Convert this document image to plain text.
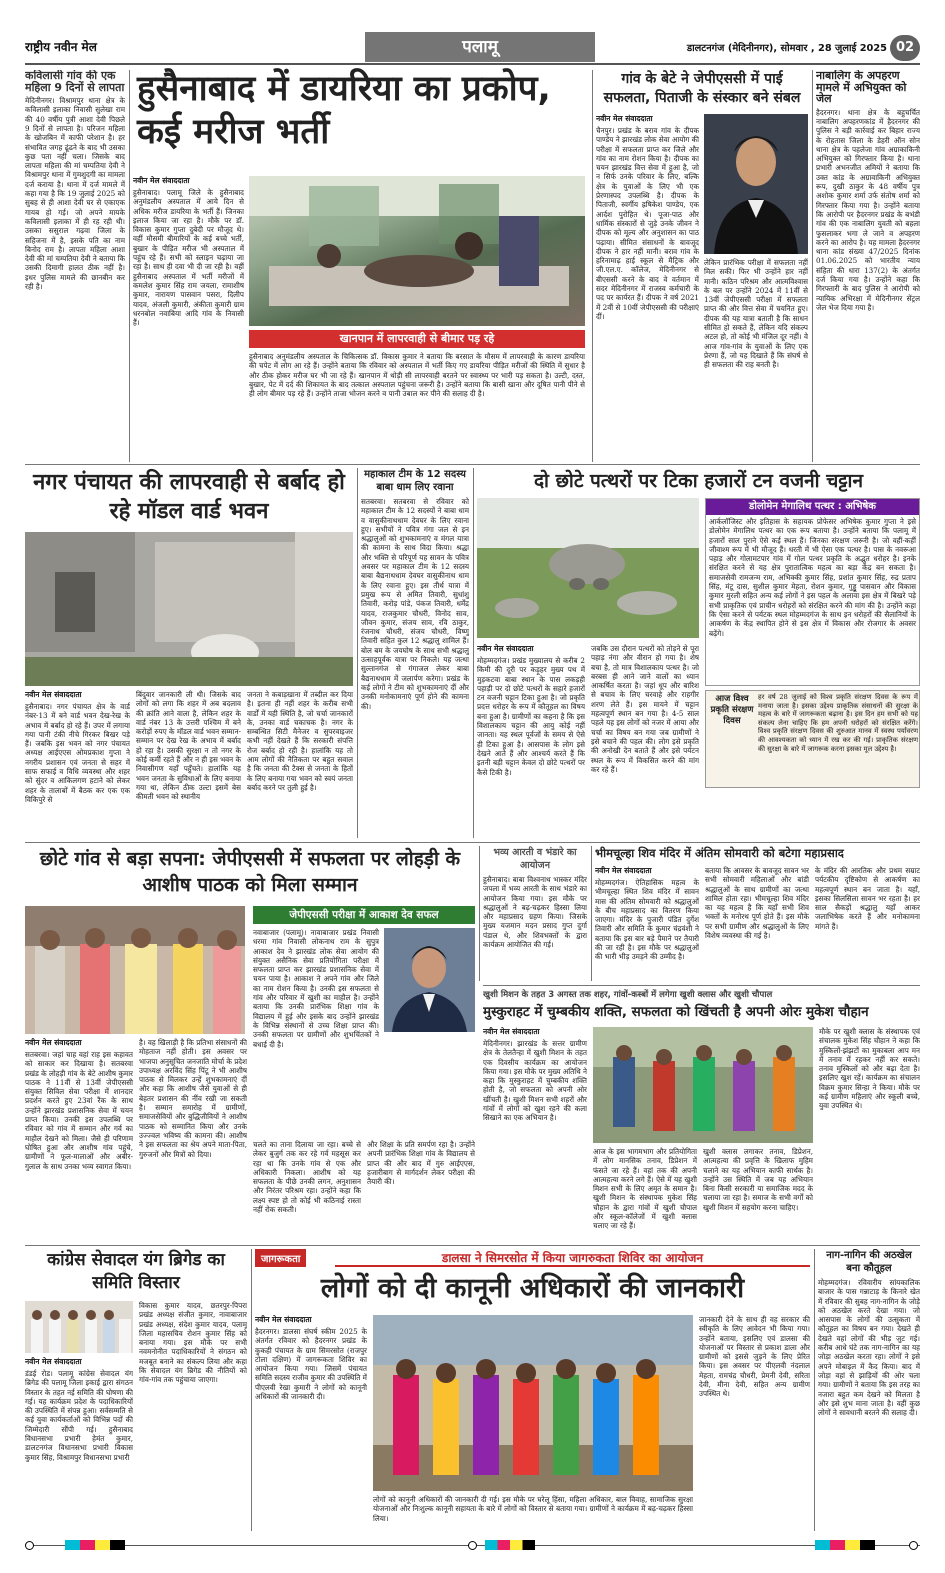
राष्ट्रीय नवीन मेल	पलामू	डालटनगंज (मेदिनीनगर), सोमवार , 28 जुलाई 2025 02
कविलासी गांव की एक महिला 9 दिनों से लापता
मेदिनीनगर। विश्रामपुर थाना क्षेत्र के कविलासी इलाका निवासी सुलेखा राम की 40 वर्षीय पुत्री आशा देवी पिछले 9 दिनों से लापता है। परिजन महिला के खोजबिन में काफी परेशान है। हर संभावित जगह ढूंढने के बाद भी उसका कुछ पता नहीं चला। जिसके बाद लापता महिला की मां चम्पतिया देवी ने विश्रामपुर थाना में गुमशुदगी का मामला दर्ज कराया है। थाना में दर्ज मामले में कहा गया है कि 19 जुलाई 2025 को सुबह से ही आशा देवी घर से एकाएक गायब हो गई। जो अपने मायके कविलासी इलाका में ही रह रही थी। उसका ससुराल गढ़वा जिला के सहिजना में है, इसके पति का नाम बिनोद राम है। लापता महिला आशा देवी की मां चम्पतिया देवी ने बताया कि उसकी दिमागी हालत ठीक नहीं है। इधर पुलिस मामले की छानबीन कर रही है।
हुसैनाबाद में डायरिया का प्रकोप, कई मरीज भर्ती
नवीन मेल संवाददाता
हुसैनाबाद। पलामू जिले के हुसैनाबाद अनुमंडलीय अस्पताल में आये दिन से अधिक मरीज डायरिया के भर्ती हैं। जिनका इलाज किया जा रहा है। मौके पर डॉ. विकास कुमार गुप्ता दुबेदी पर मौजूद थे। वहीं मौसमी बीमारियों के कई बच्चे भर्ती, बुखार के पीड़ित मरीज भी अस्पताल में पहुंच रहे हैं। सभी को स्लाइन चढ़ाया जा रहा है। साथ ही दवा भी दी जा रही है। वहीं हुसैनाबाद अस्पताल में भर्ती मरीजों में कमलेश कुमार सिंह राम जयला, रामाशीष कुमार, नारायण पासवान पसरा, दिलीप यादव, अंजली कुमारी, अंकीता कुमारी ग्राम धरनबोल नवाबिया आदि गांव के निवासी हैं।
खानपान में लापरवाही से बीमार पड़ रहे
हुसैनाबाद अनुमंडलीय अस्पताल के चिकित्सक डॉ. विकास कुमार ने बताया कि बरसात के मौसम में लापरवाही के कारण डायरिया की चपेट में लोग आ रहे हैं। उन्होंने बताया कि रविवार को अस्पताल में भर्ती किए गए डायरिया पीड़ित मरीजों की स्थिति में सुधार है और ठीक होकर मरीज घर भी जा रहे हैं। खानपान में थोड़ी सी लापरवाही बरतने पर स्वास्थ्य पर भारी पड़ सकता है। उल्टी, दस्त, बुखार, पेट में दर्द की शिकायत के बाद तत्काल अस्पताल पहुंचना जरूरी है। उन्होंने बताया कि बासी खाना और दूषित पानी पीने से ही लोग बीमार पड़ रहे हैं। उन्होंने ताजा भोजन करने व पानी उबाल कर पीने की सलाह दी है।
गांव के बेटे ने जेपीएससी में पाई सफलता, पिताजी के संस्कार बने संबल
नवीन मेल संवाददाता
चैनपुर। प्रखंड के बराव गांव के दीपक पाण्डेय ने झारखंड लोक सेवा आयोग की परीक्षा में सफलता प्राप्त कर जिले और गांव का नाम रोशन किया है। दीपक का चयन झारखंड वित्त सेवा में हुआ है, जो न सिर्फ उनके परिवार के लिए, बल्कि क्षेत्र के युवाओं के लिए भी एक प्रेरणास्पद उपलब्धि है। दीपक के पिताजी, स्वर्गीय ह्रषिकेश पाण्डेय, एक आर्दश पुरोहित थे। पूजा-पाठ और धार्मिक संस्कारों से जुड़े उनके जीवन ने दीपक को मूल्य और अनुशासन का पाठ पढ़ाया। सीमित संसाधनों के बावजूद दीपक ने हार नहीं मानी। बराव गांव के हरिनामाढ़ हाई स्कूल से मैट्रिक और जी.एल.ए. कॉलेज, मेदिनीनगर से बीएससी करने के बाद वे वर्तमान में सदर मेदिनीनगर में राजस्व कर्मचारी के पद पर कार्यरत हैं। दीपक ने वर्ष 2021 में 2वीं से 10वीं जेपीएससी की परीक्षाएं दीं।
लेकिन प्रारंभिक परीक्षा में सफलता नहीं मिल सकी। फिर भी उन्होंने हार नहीं मानी। कठिन परिश्रम और आत्मविश्वास के बल पर उन्होंने 2024 में 11वीं से 13वीं जेपीएससी परीक्षा में सफलता प्राप्त की और वित्त सेवा में चयनित हुए। दीपक की यह यात्रा बताती है कि साधन सीमित हो सकते हैं, लेकिन यदि संकल्प अटल हो, तो कोई भी मंजिल दूर नहीं। वे आज गांव-गांव के युवाओं के लिए एक प्रेरणा हैं, जो यह दिखाते हैं कि संघर्ष से ही सफलता की राह बनती है।
नाबालिग के अपहरण मामले में अभियुक्त को जेल
हैदरनगर। थाना क्षेत्र के बहुचर्चित नाबालिग अपहरणकांड में हैदरनगर की पुलिस ने बड़ी कार्रवाई कर बिहार राज्य के रोहतास जिला के डेहरी ऑन सोन थाना क्षेत्र के पहलेजा गांव अग्राकाकिनी अभियुक्त को गिरफ्तार किया है। थाना प्रभारी अभनजीत अमियों ने बताया कि उक्त कांड के अग्रावाकिनी अभियुक्त रूप, दुखी ठाकुर के 48 वर्षीय पुत्र अशोक कुमार शर्मा उर्फ संतोष शर्मा को गिरफ्तार किया गया है। उन्होंने बताया कि आरोपी पर हैदरनगर प्रखंड के बभंडी गांव की एक नाबालिग युवती को बहला फुसलाकर भगा ले जाने व अपहरण करने का आरोप है। यह मामला हैदरनगर थाना कांड संख्या 47/2025 दिनांक 01.06.2025 को भारतीय न्याय संहिता की धारा 137(2) के अंतर्गत दर्ज किया गया है। उन्होंने कहा कि गिरफ्तारी के बाद पुलिस ने आरोपी को न्यायिक अभिरक्षा में मेदिनीनगर सेंट्रल जेल भेज दिया गया है।
नगर पंचायत की लापरवाही से बर्बाद हो रहे मॉडल वार्ड भवन
नवीन मेल संवाददाता
हुसैनाबाद। नगर पंचायत क्षेत्र के वार्ड नंबर-13 में बने वार्ड भवन देख-रेख के अभाव में बर्बाद हो रहे हैं। उपर में लगाया गया पानी टंकी नीचे गिरकर बिखर पड़े हैं। जबकि इस भवन को नगर पंचायत अध्यक्ष आईएएस ओमप्रकाश गुप्ता ने नगरीय प्रशासन एवं जनता से सहर में साफ सफाई व विधि व्यवस्था और शहर को सुंदर व आकिलगण हटाने को लेकर शहर के तालाबों में बैठक कर एक एक विकिपुरे से
बिंदुवार जानकारी ली थी। जिसके बाद लोगों को लगा कि शहर में अब बदलाव की क्रांति आने वाला है, लेकिन शहर के वार्ड नंबर 13 के उत्तरी पश्चिम में बने करोड़ों रुपए के मॉडल वार्ड भवन सम्मान-सम्मान पर देख रेख के अभाव में बर्बाद हो रहा है। उसकी सुरक्षा न तो नगर के कोई कर्मी रहते हैं और न ही इस भवन के निवासीगण यहाँ पहुँचते। हालांकि यह भवन जनता के सुविधाओं के लिए बनाया गया था, लेकिन ठीक उल्टा इसमें बेस कीमती भवन को स्थानीय
जनता ने कबाड़खाना में तब्दील कर दिया है। इतना ही नहीं शहर के करीब सभी वार्डों में यही स्थिति है, जो चर्चा जानकारों के, उनका वार्ड चकाचक है। नगर के सम्बन्धित सिटी मैनेजर व सुपरवाइजर कभी नहीं देखते हैं कि सरकारी संपत्ति रोज बर्बाद हो रही है। हालांकि यह तो आम लोगों की नैतिकता पर बहुत सवाल है कि जनता की टैक्स से जनता के हितों के लिए बनाया गया भवन को स्वयं जनता बर्बाद करने पर तुली हुई है।
महाकाल टीम के 12 सदस्य बाबा धाम लिए रवाना
सतबरवा। सतबरवा से रविवार को महाकाल टीम के 12 सदस्यों ने बाबा धाम व वासुकीनाथधाम देवघर के लिए रवाना हुए। सभीयों ने पवित्र गंगा जल से इन श्रद्धालुओं को शुभकामनाएं व मंगल यात्रा की कामना के साथ विदा किया। श्रद्धा और भक्ति से परिपूर्ण यह सावन के पवित्र अवसर पर महाकाल टीम के 12 सदस्य बाबा बैद्यनाथधाम देवघर वासुकीनाथ धाम के लिए रवाना हुए। इस तीर्थ यात्रा में प्रमुख रूप से अमित तिवारी, सुधांशु तिवारी, करोड़ पांडे, पंकज तिवारी, धर्मेंद्र यादव, राजकुमार चौधरी, विनोद साव, जीवन कुमार, संजय साव, रवि ठाकुर, रंजनाथ चौधरी, संजय चौधरी, विष्णु तिवारी सहित कुल 12 श्रद्धालु शामिल हैं। बोल बम के जयघोष के साथ सभी श्रद्धालु उत्साहपूर्वक यात्रा पर निकले। यह जत्था सुल्तानगंज से गंगाजल लेकर बाबा बैद्यनाथधाम में जलार्पण करेगा। प्रखंड के कई लोगों ने टीम को शुभकामनाएं दीं और उनकी मनोकामनाएं पूर्ण होने की कामना की।
दो छोटे पत्थरों पर टिका हजारों टन वजनी चट्टान
डोलोमेन मेगालिथ पत्थर : अभिषेक
आर्कलॉजिस्ट और इतिहास के सहायक प्रोफेसर अभिषेक कुमार गुप्ता ने इसे डोलोमेन मेगालिथ पत्थर का एक रूप बताया है। उन्होंने बताया कि पलामू में हजारों साल पुराने ऐसे कई स्थल हैं। जिनका संरक्षण जरूरी है। जो वहीं-कहीं जीवाश्म रूप में भी मौजूद हैं। धरती में भी ऐसा एक पत्थर है। पास के नवरूआ पहाड़ और गोलामटपार गांव में गोल पत्थर प्रकृति के अद्भुत धरोहर है। इनके संरक्षित करने से यह क्षेत्र पुरातात्विक महत्व का बड़ा केंद्र बन सकता है। समाजसेवी रामजन्म राम, अभिक्की कुमार सिंह, प्रशांत कुमार सिंह, रुद्र प्रताप सिंह, मंटू दास, सुशील कुमार मेहता, रोशन कुमार, गुड्डू पासवान और विकास कुमार मुरली सहित अन्य कई लोगों ने इस पहल के अलावा इस क्षेत्र में बिखरे पड़े सभी प्राकृतिक एवं प्राचीन धरोहरों को संरक्षित करने की मांग की है। उन्होंने कहा कि ऐसा करने से पर्यटक स्थल मोहम्मदगंज के साथ इन धरोहरों की सैलानियों के आकर्षण के केंद्र स्थापित होने से इस क्षेत्र में विकास और रोजगार के अवसर बढ़ेंगे।
नवीन मेल संवाददाता
मोहम्मदगंज। प्रखंड मुख्यालय से करीब 2 किमी की दूरी पर कड़ूहर मुख्य पथ में मुड़कटवा बाबा स्थान के पास लकड़ही पहाड़ी पर दो छोटे पत्थरों के सहारे हजारों टन वजनी चट्टान टिका हुआ है। जो प्रकृति प्रदत्त धरोहर के रूप में कौतूहल का विषय बना हुआ है। ग्रामीणों का कहना है कि इस विशालकाय चट्टान की आयु कोई नहीं जानता। यह स्थल पूर्वजों के समय से ऐसे ही टिका हुआ है। आसपास के लोग इसे देखने आते हैं और आश्चर्य करते हैं कि इतनी बड़ी चट्टान केवल दो छोटे पत्थरों पर कैसे टिकी है।
जबकि उस दौरान पत्थरों को तोड़ने से पूरा पहाड़ नंगा और वीरान हो गया है। शेष बचा है, तो मात्र विशालकाय पत्थर है। जो बरबस ही आने जाने वालों का ध्यान आकर्षित करता है। जहां धूप और बारिश से बचाव के लिए चरवाहे और राहगीर शरण लेते हैं। इस मायने में चट्टान महत्वपूर्ण स्थान बन गया है। 4-5 साल पहले यह इस लोगों को नजर में आया और चर्चा का विषय बन गया जब ग्रामीणों ने इसे बचाने की पहल की। लोग इसे प्रकृति की अनोखी देन बताते हैं और इसे पर्यटन स्थल के रूप में विकसित करने की मांग कर रहे हैं।
आज विश्व प्रकृति संरक्षण दिवस
हर वर्ष 28 जुलाई को विश्व प्रकृति संरक्षण दिवस के रूप में मनाया जाता है। इसका उद्देश्य प्राकृतिक संसाधनों की सुरक्षा के महत्व के बारे में जागरूकता बढ़ाना है। इस दिन हम सभी को यह संकल्प लेना चाहिए कि हम अपनी धरोहरों को संरक्षित करेंगे। विश्व प्रकृति संरक्षण दिवस की शुरुआत मानव में स्वस्थ पर्यावरण की आवश्यकता को ध्यान में रख कर की गई। प्राकृतिक संरक्षण की सुरक्षा के बारे में जागरूक करना इसका मूल उद्देश्य है।
छोटे गांव से बड़ा सपना: जेपीएससी में सफलता पर लोहड़ी के आशीष पाठक को मिला सम्मान
नवीन मेल संवाददाता
सतबरवा। जहां चाह वहां राह इस कहावत को साकार कर दिखाया है। सतबरवा प्रखंड के लोहड़ी गांव के बेटे आशीष कुमार पाठक ने 11वीं से 13वीं जेपीएससी संयुक्त सिविल सेवा परीक्षा में शानदार प्रदर्शन करते हुए 23वां रैंक के साथ उन्होंने झारखंड प्रशासनिक सेवा में चयन प्राप्त किया। उनकी इस उपलब्धि पर रविवार को गांव में सम्मान और गर्व का माहौल देखने को मिला। जैसे ही परिणाम घोषित हुआ और आशीष गांव पहुंचे, ग्रामीणों ने फूल-मालाओं और अबीर-गुलाल के साथ उनका भव्य स्वागत किया।
है। वह खिलाड़ी है कि प्रतिभा संसाधनों की मोहताज नहीं होती। इस अवसर पर भाजपा अनुसूचित जनजाति मोर्चा के प्रदेश उपाध्यक्ष अरविंद सिंह पिंटू ने भी आशीष पाठक से मिलकर उन्हें शुभकामनाएं दीं और कहा कि आशीष जैसे युवाओं से ही बेहतर प्रशासन की नींव रखी जा सकती है। सम्मान समारोह में ग्रामीणों, समाजसेवियों और बुद्धिजीवियों ने आशीष पाठक को सम्मानित किया और उनके उज्ज्वल भविष्य की कामना की। आशीष ने इस सफलता का श्रेय अपने माता-पिता, गुरुजनों और मित्रों को दिया।
जेपीएससी परीक्षा में आकाश देव सफल
नवाबाजार (पलामू)। नावाबाजार प्रखंड निवासी धरमा गांव निवासी लोकनाथ राम के सुपुत्र आकाश देव ने झारखंड लोक सेवा आयोग की संयुक्त असैनिक सेवा प्रतियोगिता परीक्षा में सफलता प्राप्त कर झारखंड प्रशासनिक सेवा में चयन पाया है। आकाश ने अपने गांव और जिले का नाम रोशन किया है। उनकी इस सफलता से गांव और परिवार में खुशी का माहौल है। उन्होंने बताया कि उनकी प्रारंभिक शिक्षा गांव के विद्यालय में हुई और इसके बाद उन्होंने झारखंड के विभिन्न संस्थानों से उच्च शिक्षा प्राप्त की। उनकी सफलता पर ग्रामीणों और शुभचिंतकों ने बधाई दी है।
चलते का ताना दिलाया जा रहा। बच्चे से लेकर बुजुर्ग तक कर रहे गर्व महसूस कर रहा था कि उनके गांव से एक और अधिकारी निकला। आशीष को यह सफलता के पीछे उनकी लगन, अनुशासन और निरंतर परिश्रम रहा। उन्होंने कहा कि लक्ष्य स्पष्ट हो तो कोई भी कठिनाई रास्ता नहीं रोक सकती।
और शिक्षा के प्रति समर्पण रहा है। उन्होंने अपनी प्रारंभिक शिक्षा गांव के विद्यालय से प्राप्त की और बाद में गुरु आईएएस, हजारीबाग से मार्गदर्शन लेकर परीक्षा की तैयारी की।
भव्य आरती व भंडारे का आयोजन
हुसैनाबाद। बाबा विश्वनाथ भास्कर मंदिर जपला में भव्य आरती के साथ भंडारे का आयोजन किया गया। इस मौके पर श्रद्धालुओं ने बढ़-चढ़कर हिस्सा लिया और महाप्रसाद ग्रहण किया। जिसके मुख्य यजमान मदन प्रसाद गुप्त दुर्गा पंडाल थे, और शिवभक्तों के द्वारा कार्यक्रम आयोजित की गई।
भीमचूल्हा शिव मंदिर में अंतिम सोमवारी को बटेगा महाप्रसाद
नवीन मेल संवाददाता
मोहम्मदगंज। ऐतिहासिक महत्व के भीमचूल्हा स्थित शिव मंदिर में सावन मास की अंतिम सोमवारी को श्रद्धालुओं के बीच महाप्रसाद का वितरण किया जाएगा। मंदिर के पुजारी पंडित दुर्गेश तिवारी और समिति के कुमार चंद्रवंशी ने बताया कि इस बार बड़े पैमाने पर तैयारी की जा रही है। इस मौके पर श्रद्धालुओं की भारी भीड़ उमड़ने की उम्मीद है।
बताया कि आवसर के बावजूद सावन भर सभी सोमवारी महिलाओं और बांडी श्रद्धालुओं के साथ ग्रामीणों का जत्था शामिल होता रहा। भीमचूल्हा शिव मंदिर का यह महत्व है कि यहाँ सभी शिव भक्तों के मनोरथ पूर्ण होते हैं। इस मौके पर सभी ग्रामीण और श्रद्धालुओं के लिए विशेष व्यवस्था की गई है।
के मंदिर की आरतिक और प्रथम सम्राट पर्यटकीय दृष्टिकोण से आकर्षण का महत्वपूर्ण स्थान बन जाता है। यहाँ, इसका सिलसिला सावन भर रहता है। हर साल सैकड़ों श्रद्धालु यहाँ आकर जलाभिषेक करते हैं और मनोकामना मांगते हैं।
खुशी मिशन के तहत 3 अगस्त तक शहर, गांवों-कस्बों में लगेगा खुशी क्लास और खुशी चौपाल
मुस्कुराहट में चुम्बकीय शक्ति, सफलता को खिंचती है अपनी ओरः मुकेश चौहान
नवीन मेल संवाददाता
मेदिनीनगर। झारखंड के सत्तर ग्रामीण क्षेत्र के तेलतैन्हा में खुशी मिशन के तहत एक दिवसीय कार्यक्रम का आयोजन किया गया। इस मौके पर मुख्य अतिथि ने कहा कि मुस्कुराहट में चुम्बकीय शक्ति होती है, जो सफलता को अपनी ओर खींचती है। खुशी मिशन सभी शहरों और गांवों में लोगों को खुश रहने की कला सिखाने का एक अभियान है।
आज के इस भागमभाग और प्रतियोगिता में लोग मानसिक तनाव, डिप्रेशन में फंसते जा रहे हैं। वहां तक की अपनी आत्महत्या करने लगे हैं। ऐसे में यह खुशी मिशन सभी के लिए अमृत के समान है। खुशी मिशन के संस्थापक मुकेश सिंह चौहान के द्वारा गांवों में खुशी चौपाल और स्कूल-कॉलेजों में खुशी क्लास चलाए जा रहे हैं।
खुशी क्लास लगाकर तनाव, डिप्रेशन, आत्महत्या की प्रवृत्ति के खिलाफ मुहिम चलाने का यह अभियान काफी सार्थक है। उन्होंने उस स्थिति में जब यह अभियान बिना किसी सरकारी या समाजिक मदद के चलाया जा रहा है। समाज के सभी वर्गों को खुशी मिशन में सहयोग करना चाहिए।
मौके पर खुशी क्लास के संस्थापक एवं संचालक मुकेश सिंह चौहान ने कहा कि मुस्किलों-झंझटों का मुकाबला आप मन में तनाव में रहकर नहीं कर सकते। तनाव मुस्किलों को और बढ़ा देता है। इसलिए खुश रहें। कार्यक्रम का संचालन विक्रम कुमार सिन्हा ने किया। मौके पर कई ग्रामीण महिलाएं और स्कूली बच्चे, युवा उपस्थित थे।
कांग्रेस सेवादल यंग ब्रिगेड का समिति विस्तार
नवीन मेल संवाददाता
डंडई रोड। पलामू कांग्रेस सेवादल यंग ब्रिगेड की पलामू जिला इकाई द्वारा संगठन विस्तार के तहत नई समिति की घोषणा की गई। यह कार्यक्रम प्रदेश के पदाधिकारियों की उपस्थिति में संपन्न हुआ। सर्वसम्मति से कई युवा कार्यकर्ताओं को विभिन्न पदों की जिम्मेदारी सौंपी गई। हुसैनाबाद विधानसभा प्रभारी हेमंत कुमार, डालटनगंज विधानसभा प्रभारी विकास कुमार सिंह, विश्रामपुर विधानसभा प्रभारी
विकास कुमार यादव, छतरपुर-पिपरा प्रखंड अध्यक्ष संजीत कुमार, नावाबाजार प्रखंड अध्यक्ष, संदेश कुमार यादव, पलामू जिला महासचिव रोशन कुमार सिंह को बनाया गया। इस मौके पर सभी नवमनोनीत पदाधिकारियों ने संगठन को मजबूत बनाने का संकल्प लिया और कहा कि सेवादल यंग ब्रिगेड की नीतियों को गांव-गांव तक पहुंचाया जाएगा।
जागरूकता	डालसा ने सिमरसोत में किया जागरुकता शिविर का आयोजन
लोगों को दी कानूनी अधिकारों की जानकारी
नवीन मेल संवाददाता
हैदरनगर। डालसा संघर्ष स्कीम 2025 के अंतर्गत रविवार को हैदरनगर प्रखंड के कुकही पंचायत के ग्राम सिमरसोत (राजपुर टोला दक्षिण) में जागरूकता शिविर का आयोजन किया गया। जिसमें पंचायत समिति सदस्य राजीव कुमार की उपस्थिति में पीएलवी रेखा कुमारी ने लोगों को कानूनी अधिकारों की जानकारी दी।
लोगों को कानूनी अधिकारों की जानकारी दी गई। इस मौके पर घरेलू हिंसा, महिला अधिकार, बाल विवाह, सामाजिक सुरक्षा योजनाओं और निःशुल्क कानूनी सहायता के बारे में लोगों को विस्तार से बताया गया। ग्रामीणों ने कार्यक्रम में बढ़-चढ़कर हिस्सा लिया।
जानकारी देने के साथ ही वह सरकार की स्वीकृति के लिए आवेदन भी किया गया। उन्होंने बताया, इसलिए एवं डालसा की योजनाओं पर विस्तार से प्रकाश डाला और ग्रामीणों को इससे जुड़ने के लिए प्रेरित किया। इस अवसर पर पीएलवी नंदलाल मेहता, रामचंद्र चौधरी, प्रेमनी देवी, सरिता देवी, मीना देवी, सहित अन्य ग्रामीण उपस्थित थे।
नाग-नागिन की अठखेल बना कौतूहल
मोहम्मदगंज। रविवारीय सांयकालिक बाजार के पास गन्नाटाड़ के किनारे खेत में रविवार की सुबह नाग-नागिन के जोड़े को अठखेल करते देखा गया। जो आसपास के लोगों की उत्सुकता में कौतूहल का विषय बन गया। देखते ही देखते वहां लोगों की भीड़ जुट गई। करीब आधे घंटे तक नाग-नागिन का यह जोड़ा अठखेल करता रहा। लोगों ने इसे अपने मोबाइल में कैद किया। बाद में जोड़ा वहां से झाड़ियों की ओर चला गया। ग्रामीणों ने बताया कि इस तरह का नजारा बहुत कम देखने को मिलता है और इसे शुभ माना जाता है। वहीं कुछ लोगों ने सावधानी बरतने की सलाह दी।
